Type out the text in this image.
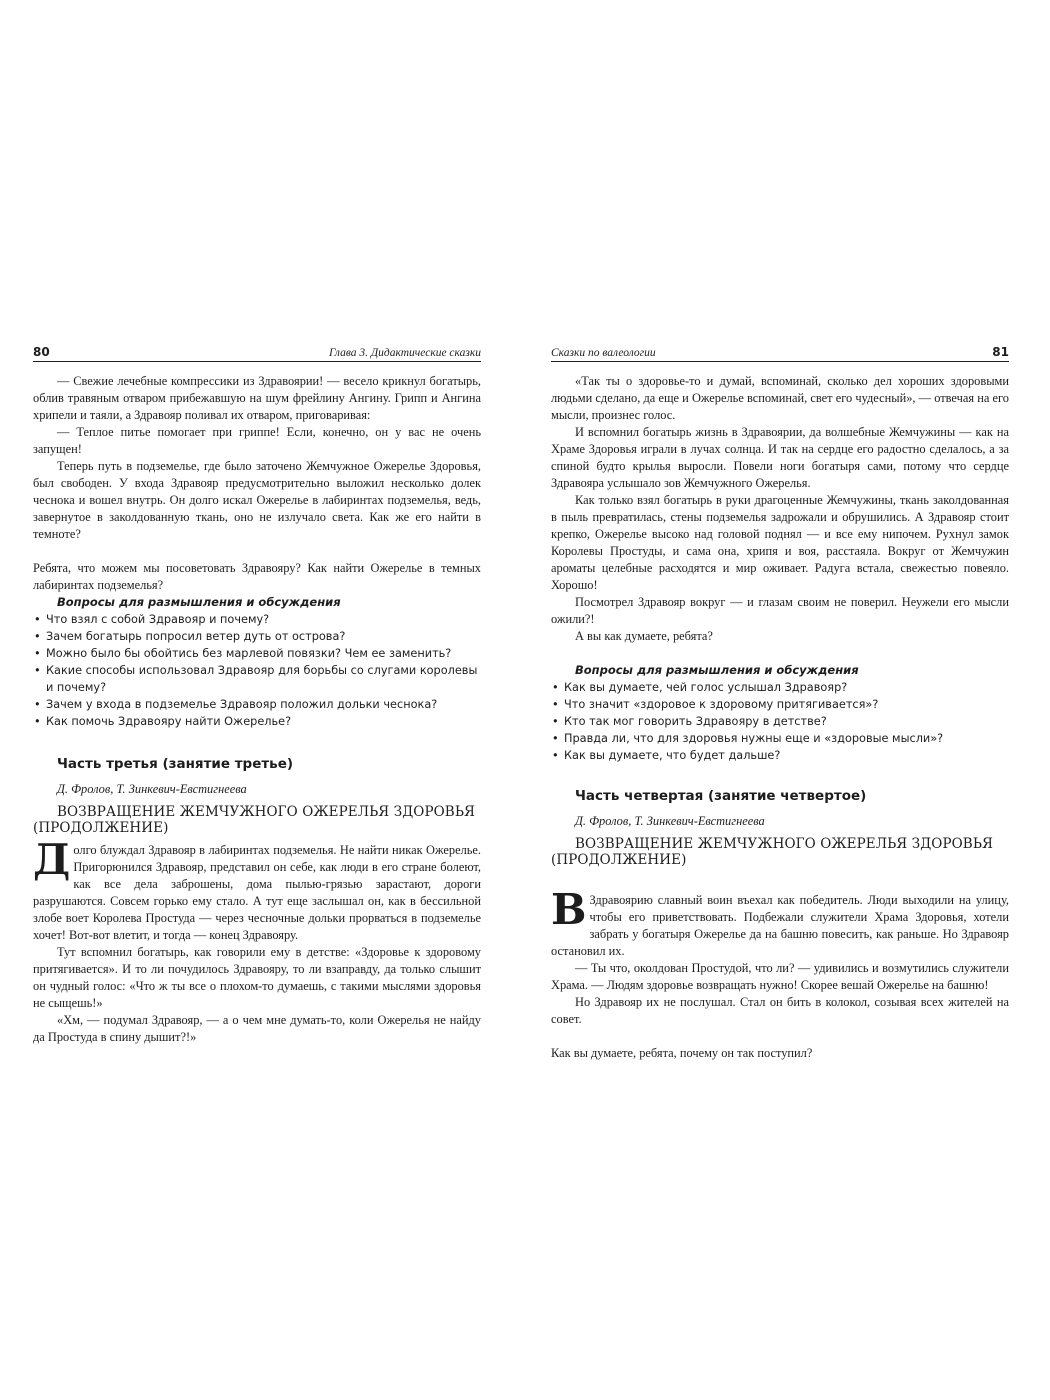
80	Глава 3. Дидактические сказки

— Свежие лечебные компрессики из Здравоярии! — весело крикнул богатырь, облив травяным отваром прибежавшую на шум фрейлину Ангину. Грипп и Ангина хрипели и таяли, а Здравояр поливал их отваром, приговаривая:

— Теплое питье помогает при гриппе! Если, конечно, он у вас не очень запущен!

Теперь путь в подземелье, где было заточено Жемчужное Ожерелье Здоровья, был свободен. У входа Здравояр предусмотрительно выложил несколько долек чеснока и вошел внутрь. Он долго искал Ожерелье в лабиринтах подземелья, ведь, завернутое в заколдованную ткань, оно не излучало света. Как же его найти в темноте?

Ребята, что можем мы посоветовать Здравояру? Как найти Ожерелье в темных лабиринтах подземелья?

Вопросы для размышления и обсуждения

• Что взял с собой Здравояр и почему?
• Зачем богатырь попросил ветер дуть от острова?
• Можно было бы обойтись без марлевой повязки? Чем ее заменить?
• Какие способы использовал Здравояр для борьбы со слугами королевы и почему?
• Зачем у входа в подземелье Здравояр положил дольки чеснока?
• Как помочь Здравояру найти Ожерелье?

Часть третья (занятие третье)

Д. Фролов, Т. Зинкевич-Евстигнеева

ВОЗВРАЩЕНИЕ ЖЕМЧУЖНОГО ОЖЕРЕЛЬЯ ЗДОРОВЬЯ
(ПРОДОЛЖЕНИЕ)

Долго блуждал Здравояр в лабиринтах подземелья. Не найти никак Ожерелье. Пригорюнился Здравояр, представил он себе, как люди в его стране болеют, как все дела заброшены, дома пылью-грязью зарастают, дороги разрушаются. Совсем горько ему стало. А тут еще заслышал он, как в бессильной злобе воет Королева Простуда — через чесночные дольки прорваться в подземелье хочет! Вот-вот влетит, и тогда — конец Здравояру.

Тут вспомнил богатырь, как говорили ему в детстве: «Здоровье к здоровому притягивается». И то ли почудилось Здравояру, то ли взаправду, да только слышит он чудный голос: «Что ж ты все о плохом-то думаешь, с такими мыслями здоровья не сыщешь!»

«Хм, — подумал Здравояр, — а о чем мне думать-то, коли Ожерелья не найду да Простуда в спину дышит?!»

Сказки по валеологии	81

«Так ты о здоровье-то и думай, вспоминай, сколько дел хороших здоровыми людьми сделано, да еще и Ожерелье вспоминай, свет его чудесный», — отвечая на его мысли, произнес голос.

И вспомнил богатырь жизнь в Здравоярии, да волшебные Жемчужины — как на Храме Здоровья играли в лучах солнца. И так на сердце его радостно сделалось, а за спиной будто крылья выросли. Повели ноги богатыря сами, потому что сердце Здравояра услышало зов Жемчужного Ожерелья.

Как только взял богатырь в руки драгоценные Жемчужины, ткань заколдованная в пыль превратилась, стены подземелья задрожали и обрушились. А Здравояр стоит крепко, Ожерелье высоко над головой поднял — и все ему нипочем. Рухнул замок Королевы Простуды, и сама она, хрипя и воя, расстаяла. Вокруг от Жемчужин ароматы целебные расходятся и мир оживает. Радуга встала, свежестью повеяло. Хорошо!

Посмотрел Здравояр вокруг — и глазам своим не поверил. Неужели его мысли ожили?!

А вы как думаете, ребята?

Вопросы для размышления и обсуждения

• Как вы думаете, чей голос услышал Здравояр?
• Что значит «здоровое к здоровому притягивается»?
• Кто так мог говорить Здравояру в детстве?
• Правда ли, что для здоровья нужны еще и «здоровые мысли»?
• Как вы думаете, что будет дальше?

Часть четвертая (занятие четвертое)

Д. Фролов, Т. Зинкевич-Евстигнеева

ВОЗВРАЩЕНИЕ ЖЕМЧУЖНОГО ОЖЕРЕЛЬЯ ЗДОРОВЬЯ
(ПРОДОЛЖЕНИЕ)

В Здравоярию славный воин въехал как победитель. Люди выходили на улицу, чтобы его приветствовать. Подбежали служители Храма Здоровья, хотели забрать у богатыря Ожерелье да на башню повесить, как раньше. Но Здравояр остановил их.

— Ты что, околдован Простудой, что ли? — удивились и возмутились служители Храма. — Людям здоровье возвращать нужно! Скорее вешай Ожерелье на башню!

Но Здравояр их не послушал. Стал он бить в колокол, созывая всех жителей на совет.

Как вы думаете, ребята, почему он так поступил?
